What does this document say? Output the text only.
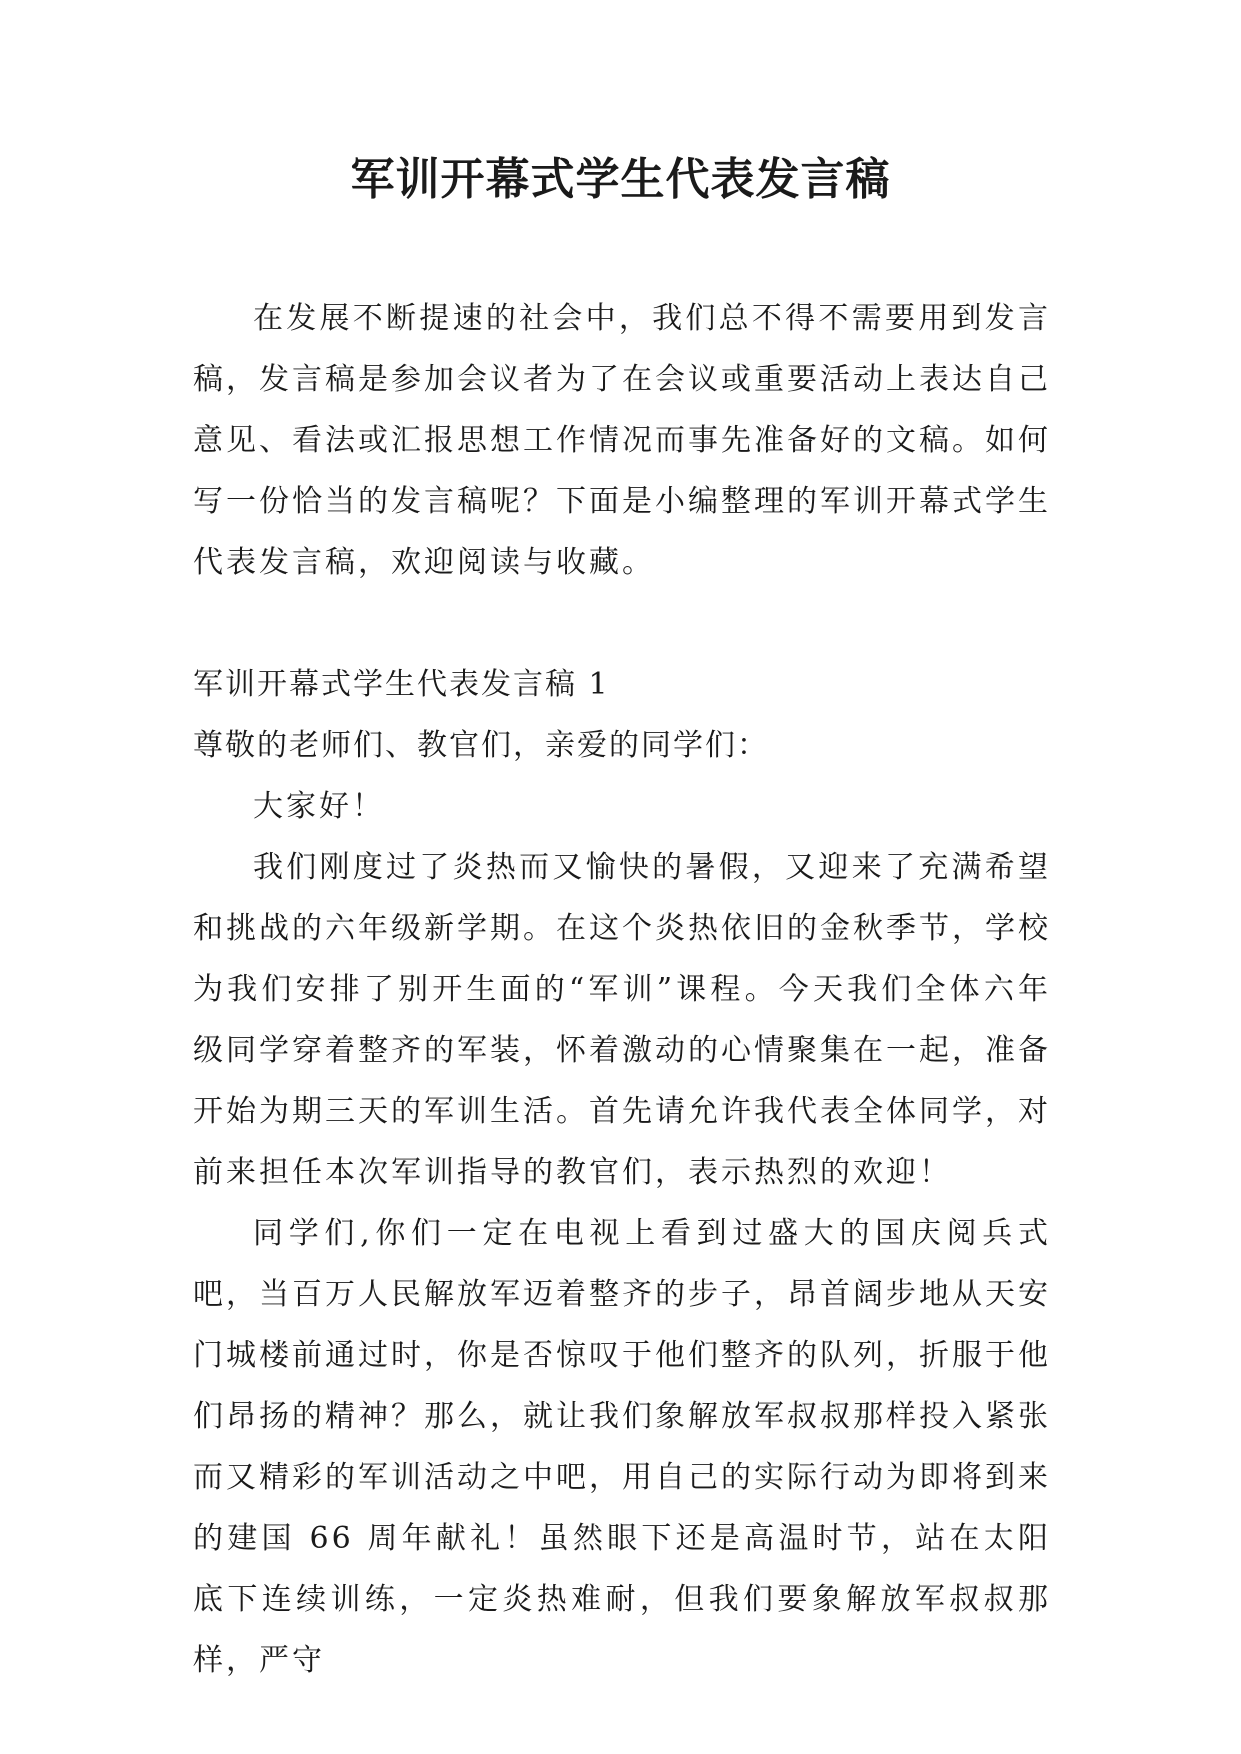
军训开幕式学生代表发言稿

在发展不断提速的社会中，我们总不得不需要用到发言稿，发言稿是参加会议者为了在会议或重要活动上表达自己意见、看法或汇报思想工作情况而事先准备好的文稿。如何写一份恰当的发言稿呢？下面是小编整理的军训开幕式学生代表发言稿，欢迎阅读与收藏。

军训开幕式学生代表发言稿 1

尊敬的老师们、教官们，亲爱的同学们：

大家好！

我们刚度过了炎热而又愉快的暑假，又迎来了充满希望和挑战的六年级新学期。在这个炎热依旧的金秋季节，学校为我们安排了别开生面的“军训”课程。今天我们全体六年级同学穿着整齐的军装，怀着激动的心情聚集在一起，准备开始为期三天的军训生活。首先请允许我代表全体同学，对前来担任本次军训指导的教官们，表示热烈的欢迎！

同学们,你们一定在电视上看到过盛大的国庆阅兵式吧，当百万人民解放军迈着整齐的步子，昂首阔步地从天安门城楼前通过时，你是否惊叹于他们整齐的队列，折服于他们昂扬的精神？那么，就让我们象解放军叔叔那样投入紧张而又精彩的军训活动之中吧，用自己的实际行动为即将到来的建国 66 周年献礼！虽然眼下还是高温时节，站在太阳底下连续训练，一定炎热难耐，但我们要象解放军叔叔那样，严守
